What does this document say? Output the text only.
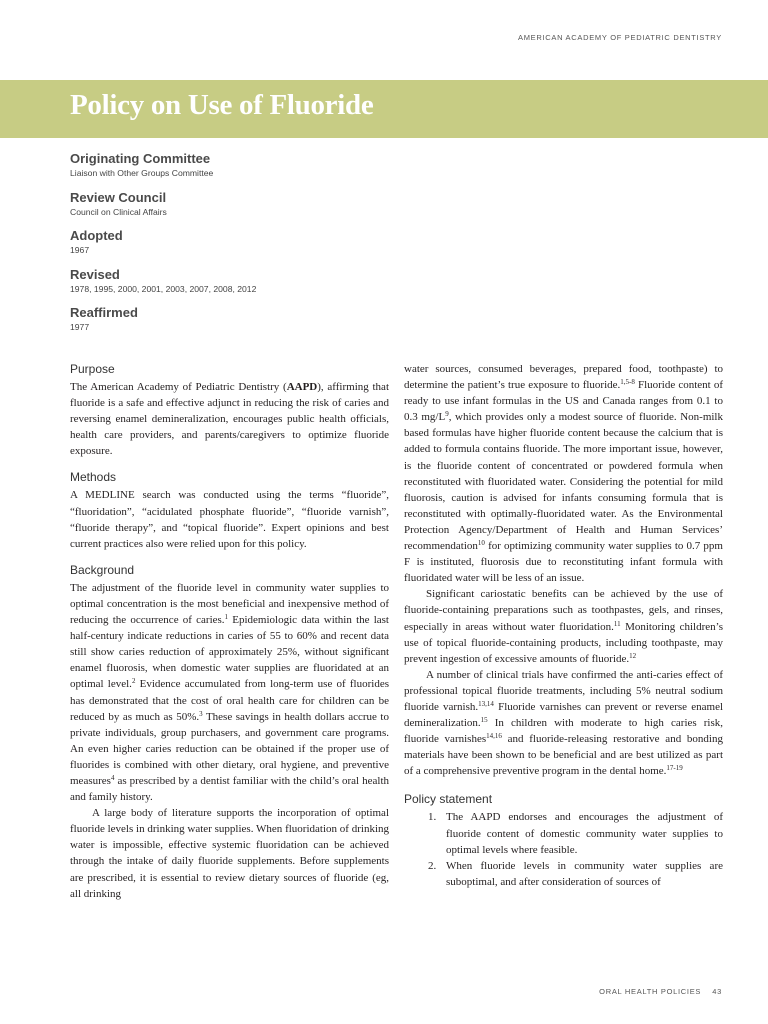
AMERICAN ACADEMY OF PEDIATRIC DENTISTRY
Policy on Use of Fluoride
Originating Committee
Liaison with Other Groups Committee
Review Council
Council on Clinical Affairs
Adopted
1967
Revised
1978, 1995, 2000, 2001, 2003, 2007, 2008, 2012
Reaffirmed
1977
Purpose

The American Academy of Pediatric Dentistry (AAPD), affirming that fluoride is a safe and effective adjunct in reducing the risk of caries and reversing enamel demineralization, encourages public health officials, health care providers, and parents/caregivers to optimize fluoride exposure.

Methods

A MEDLINE search was conducted using the terms “fluoride”, “fluoridation”, “acidulated phosphate fluoride”, “fluoride varnish”, “fluoride therapy”, and “topical fluoride”. Expert opinions and best current practices also were relied upon for this policy.

Background

The adjustment of the fluoride level in community water supplies to optimal concentration is the most beneficial and inexpensive method of reducing the occurrence of caries.$^1$ Epidemiologic data within the last half-century indicate reductions in caries of 55 to 60% and recent data still show caries reduction of approximately 25%, without significant enamel fluorosis, when domestic water supplies are fluoridated at an optimal level.$^2$ Evidence accumulated from long-term use of fluorides has demonstrated that the cost of oral health care for children can be reduced by as much as 50%.$^3$ These savings in health dollars accrue to private individuals, group purchasers, and government care programs. An even higher caries reduction can be obtained if the proper use of fluorides is combined with other dietary, oral hygiene, and preventive measures$^4$ as prescribed by a dentist familiar with the child’s oral health and family history.

A large body of literature supports the incorporation of optimal fluoride levels in drinking water supplies. When fluoridation of drinking water is impossible, effective systemic fluoridation can be achieved through the intake of daily fluoride supplements. Before supplements are prescribed, it is essential to review dietary sources of fluoride (eg, all drinking

water sources, consumed beverages, prepared food, toothpaste) to determine the patient’s true exposure to fluoride.$^{1,5-8}$ Fluoride content of ready to use infant formulas in the US and Canada ranges from 0.1 to 0.3 mg/L$^9$, which provides only a modest source of fluoride. Non-milk based formulas have higher fluoride content because the calcium that is added to formula contains fluoride. The more important issue, however, is the fluoride content of concentrated or powdered formula when reconstituted with fluoridated water. Considering the potential for mild fluorosis, caution is advised for infants consuming formula that is reconstituted with optimally-fluoridated water. As the Environmental Protection Agency/Department of Health and Human Services’ recommendation$^{10}$ for optimizing community water supplies to 0.7 ppm F is instituted, fluorosis due to reconstituting infant formula with fluoridated water will be less of an issue.

Significant cariostatic benefits can be achieved by the use of fluoride-containing preparations such as toothpastes, gels, and rinses, especially in areas without water fluoridation.$^{11}$ Monitoring children’s use of topical fluoride-containing products, including toothpaste, may prevent ingestion of excessive amounts of fluoride.$^{12}$

A number of clinical trials have confirmed the anti-caries effect of professional topical fluoride treatments, including 5% neutral sodium fluoride varnish.$^{13,14}$ Fluoride varnishes can prevent or reverse enamel demineralization.$^{15}$ In children with moderate to high caries risk, fluoride varnishes$^{14,16}$ and fluoride-releasing restorative and bonding materials have been shown to be beneficial and are best utilized as part of a comprehensive preventive program in the dental home.$^{17-19}$

Policy statement
1. The AAPD endorses and encourages the adjustment of fluoride content of domestic community water supplies to optimal levels where feasible.
2. When fluoride levels in community water supplies are suboptimal, and after consideration of sources of
ORAL HEALTH POLICIES    43
